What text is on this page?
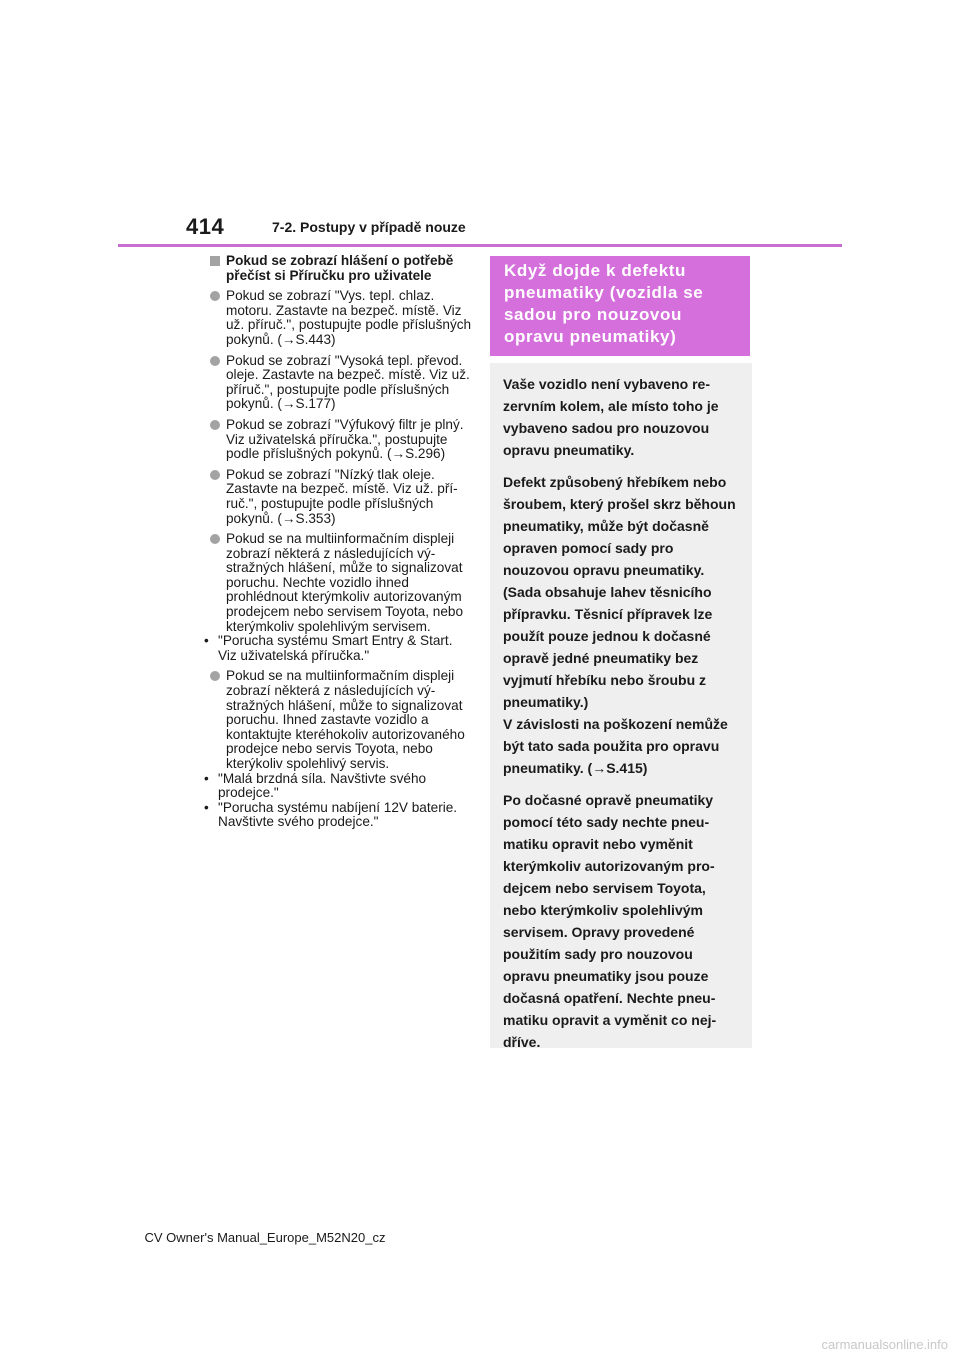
414	7-2. Postupy v případě nouze
Pokud se zobrazí hlášení o potřebě přečíst si Příručku pro uživatele
Pokud se zobrazí "Vys. tepl. chlaz. motoru. Zastavte na bezpeč. místě. Viz už. příruč.", postupujte podle příslušných pokynů. (→S.443)
Pokud se zobrazí "Vysoká tepl. převod. oleje. Zastavte na bezpeč. místě. Viz už. příruč.", postupujte podle příslušných pokynů. (→S.177)
Pokud se zobrazí "Výfukový filtr je plný. Viz uživatelská příručka.", postupujte podle příslušných pokynů. (→S.296)
Pokud se zobrazí "Nízký tlak oleje. Zastavte na bezpeč. místě. Viz už. příruč.", postupujte podle příslušných pokynů. (→S.353)
Pokud se na multiinformačním displeji zobrazí některá z následujících výstražných hlášení, může to signalizovat poruchu. Nechte vozidlo ihned prohlédnout kterýmkoliv autorizovaným prodejcem nebo servisem Toyota, nebo kterýmkoliv spolehlivým servisem.
• "Porucha systému Smart Entry & Start. Viz uživatelská příručka."
Pokud se na multiinformačním displeji zobrazí některá z následujících výstražných hlášení, může to signalizovat poruchu. Ihned zastavte vozidlo a kontaktujte kteréhokoliv autorizovaného prodejce nebo servis Toyota, nebo kterýkoliv spolehlivý servis.
• "Malá brzdná síla. Navštivte svého prodejce."
• "Porucha systému nabíjení 12V baterie. Navštivte svého prodejce."
Když dojde k defektu pneumatiky (vozidla se sadou pro nouzovou opravu pneumatiky)

Vaše vozidlo není vybaveno rezervním kolem, ale místo toho je vybaveno sadou pro nouzovou opravu pneumatiky.

Defekt způsobený hřebíkem nebo šroubem, který prošel skrz běhoun pneumatiky, může být dočasně opraven pomocí sady pro nouzovou opravu pneumatiky. (Sada obsahuje lahev těsnicího přípravku. Těsnicí přípravek lze použít pouze jednou k dočasné opravě jedné pneumatiky bez vyjmutí hřebíku nebo šroubu z pneumatiky.)

V závislosti na poškození nemůže být tato sada použita pro opravu pneumatiky. (→S.415)

Po dočasné opravě pneumatiky pomocí této sady nechte pneumatiku opravit nebo vyměnit kterýmkoliv autorizovaným prodejcem nebo servisem Toyota, nebo kterýmkoliv spolehlivým servisem. Opravy provedené použitím sady pro nouzovou opravu pneumatiky jsou pouze dočasná opatření. Nechte pneumatiku opravit a vyměnit co nejdříve.

CV Owner's Manual_Europe_M52N20_cz
carmanualsonline.info
